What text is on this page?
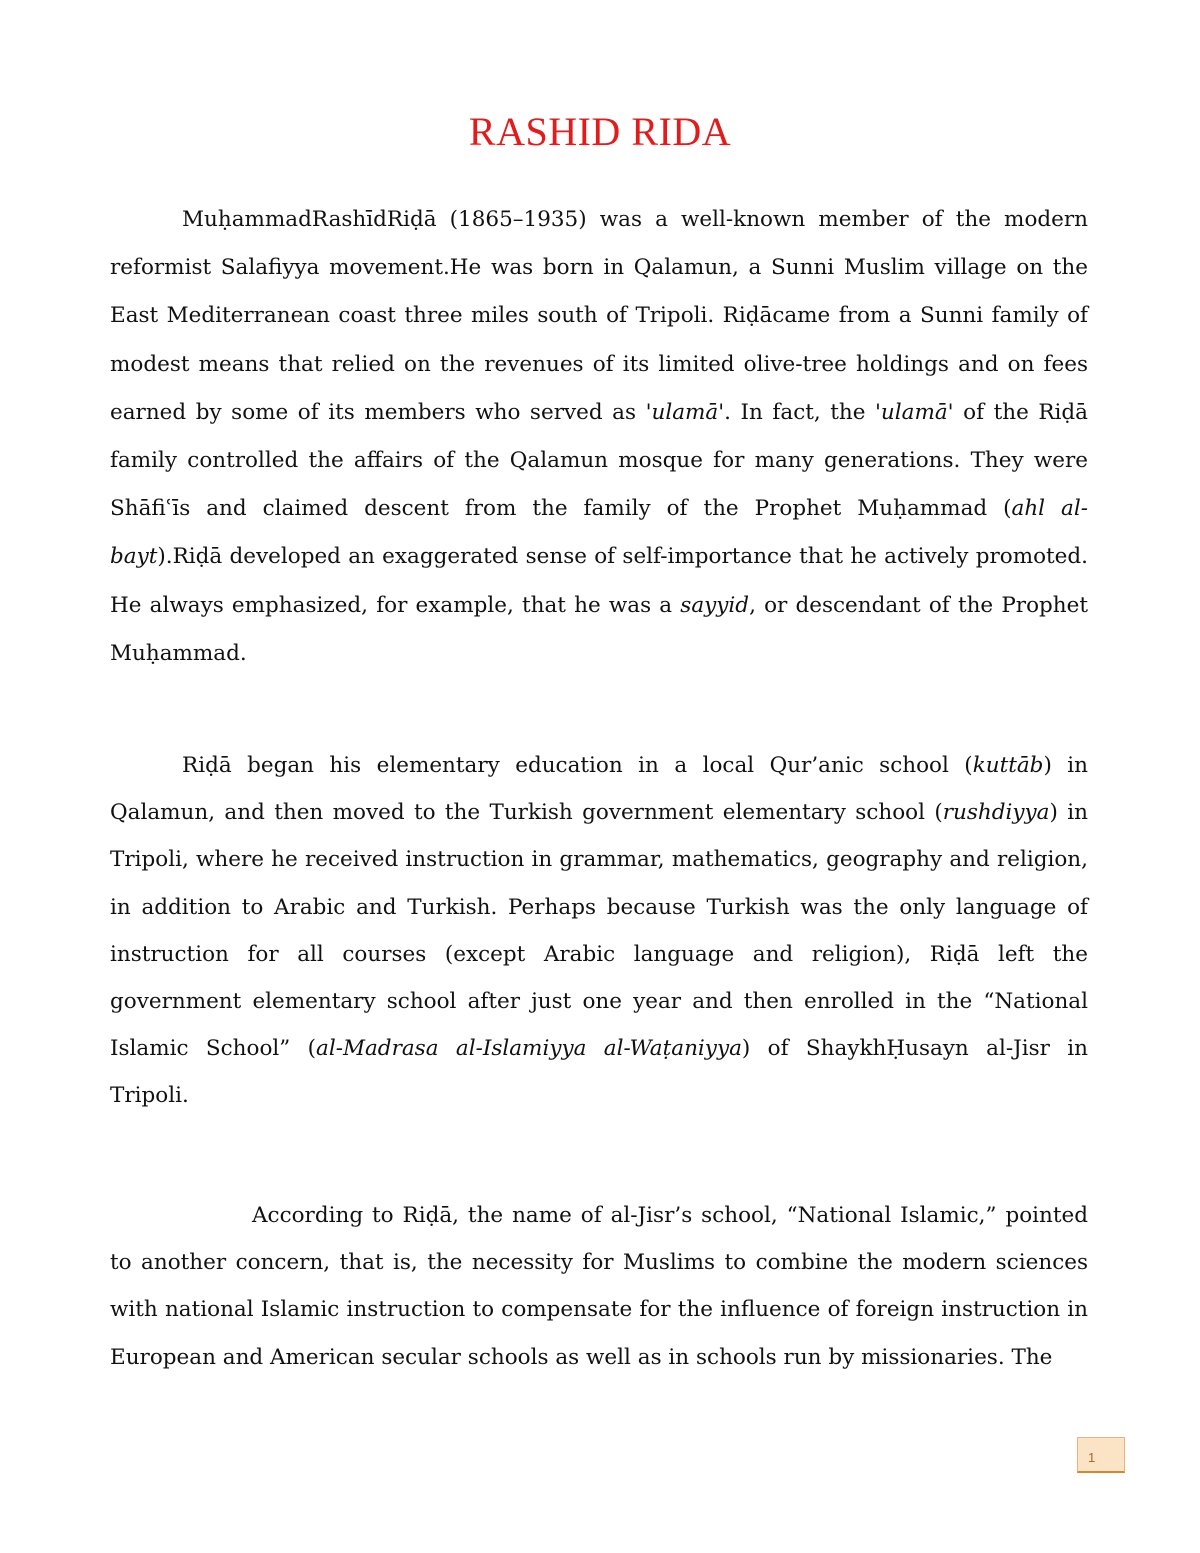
RASHID RIDA

MuḥammadRashīdRiḍā (1865–1935) was a well-known member of the modern reformist Salafiyya movement.He was born in Qalamun, a Sunni Muslim village on the East Mediterranean coast three miles south of Tripoli. Riḍācame from a Sunni family of modest means that relied on the revenues of its limited olive-tree holdings and on fees earned by some of its members who served as 'ulamā'. In fact, the 'ulamā' of the Riḍā family controlled the affairs of the Qalamun mosque for many generations. They were Shāfiʿīs and claimed descent from the family of the Prophet Muḥammad (ahl al-bayt).Riḍā developed an exaggerated sense of self-importance that he actively promoted. He always emphasized, for example, that he was a sayyid, or descendant of the Prophet Muḥammad.

Riḍā began his elementary education in a local Qur’anic school (kuttāb) in Qalamun, and then moved to the Turkish government elementary school (rushdiyya) in Tripoli, where he received instruction in grammar, mathematics, geography and religion, in addition to Arabic and Turkish. Perhaps because Turkish was the only language of instruction for all courses (except Arabic language and religion), Riḍā left the government elementary school after just one year and then enrolled in the “National Islamic School” (al-Madrasa al-Islamiyya al-Waṭaniyya) of ShaykhḤusayn al-Jisr in Tripoli.

According to Riḍā, the name of al-Jisr’s school, “National Islamic,” pointed to another concern, that is, the necessity for Muslims to combine the modern sciences with national Islamic instruction to compensate for the influence of foreign instruction in European and American secular schools as well as in schools run by missionaries. The

1
